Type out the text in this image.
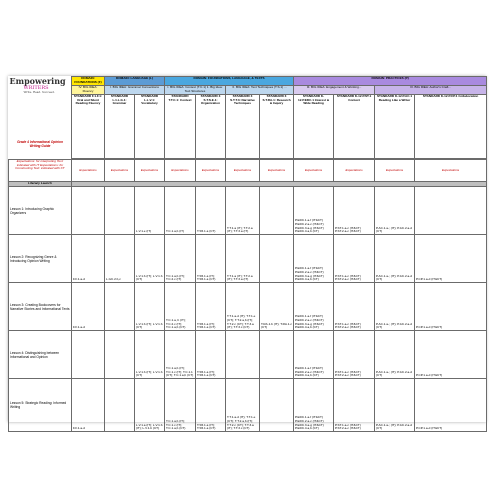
Empowering
WRITERS
Write. Read. Succeed.	DOMAIN: FOUNDATIONS (F)	DOMAIN: LANGUAGE (L)		DOMAIN: FOUNDATIONS, LANGUAGE, & TEXTS				DOMAIN: PRACTICES (P)			
	IV. BIG IDEA: Fluency	I. BIG IDEA: Grammar Conventions		I. BIG IDEA: Context (T.C.1) 1. Big Idea: Text Structures		II. BIG IDEA: Text Techniques (T.S.1) ...		III. BIG IDEA: Engagement & Working...		III. BIG IDEA: Author's Craft...	
	STANDARD F.1.F.1: Oral and Silent Reading Fluency	STANDARD L.1.L.G.1: Grammar	STANDARD L.L.V.1: Vocabulary	STANDARD T.T.C.1: Context	STANDARD 3 S.T.S.E.1: Organization	STANDARD 3 S.T.T.3: Narrative Techniques	STANDARD 3 S.T.RA.1: Research & Inquiry	STANDARD K-12.P.EDC.1 Interest & Wide Reading	STANDARD K-12.P.ST.1 Context	STANDARD K-12.P.AC.1 Reading Like a Writer	STANDARD K-12.P.CP.1 Collaboration

Expectations: for interpreting Text: indicated with IT Expectations: for Constructing Text: indicated with CT	Expectations	Expectations	Expectations	Expectations	Expectations	Expectations	Expectations	Expectations	Expectations	Expectations	Expectations
Literacy Launch											
Grade 4 Informational Opinion Writing Guide
Lesson 1: Introducing Graphic Organizers			L.V.1.e (IT)	T.C.1.a,b (IT)	T.S5.1.a (CT)	T.T.1.a (IT); T.T.2.a (IT); T.T.3.a (IT)		P.EDC.1.a-f (IT&CT) P.EDC.2.a-c (IT&CT) P.EDC.3.a-g (IT&CT) P.EDC.4.a,b (CT)	P.ST.1.a-c (IT&CT) P.ST.2.a-c (IT&CT)	P.AC.1.a-; (IT); P.AC.2.a-d (CT)	
Lesson 2: Recognizing Genre & Introducing Opinion Writing	F.F.1.a-d	L.GC.2.b,c	L.V.1.b (IT); L.V.1.b (CT)	T.C.1.a,b (IT); T.C.2.c (IT)	T.S5.1.a (IT); T.S5.1.a (CT)	T.T.1.a (IT); T.T.2.a (IT); T.T.3.a (IT)		P.EDC.1.a-f (IT&CT) P.EDC.2.a-c (IT&CT) P.EDC.3.a-g (IT&CT) P.EDC.4.a,b (CT)	P.ST.1.a-c (IT&CT) P.ST.2.a-c (IT&CT)	P.AC.1.a-; (IT); P.AC.2.a-d (CT)	P.CP.1.a-d (IT&CT)
Lesson 3: Creating Bookcovers for Narrative Stories and Informational Texts	F.F.1.a-d		L.V.1.b (IT); L.V.1.b (CT)	T.C.1.a, b (IT); T.C.2.c (IT); T.C.1.a,b (CT)	T.S5.1.a (IT); T.S5.1.a (CT)	T.T.1.a-d (IT); T.T.1.e (CT); T.T.2.a,b (IT); T.T.2.c (CT); T.T.3.a (IT); T.T.3.c (CT)	T.RA.1.b (IT); T.RA.1.c (CT)	P.EDC.1.a-f (IT&CT) P.EDC.2.a-c (IT&CT) P.EDC.3.a-g (IT&CT) P.EDC.4.a,b (CT)	P.ST.1.a-c (IT&CT) P.ST.2.a-c (IT&CT)	P.AC.1.a-; (IT); P.AC.2.a-d (CT)	P.CP.1.a-d (IT&CT)
Lesson 4: Distinguishing between Informational and Opinion			L.V.1.b (IT); L.V.1.b (CT)	T.C.1.a,b (IT); T.C.1.c (IT); T.C.1.1 (CT); T.C.1.a,b (CT)	T.S5.1.a (IT); T.S5.1.a (CT)			P.EDC.1.a-f (IT&CT) P.EDC.2.a-c (IT&CT) P.EDC.4.a,b (CT)	P.ST.1.a-c (IT&CT) P.ST.2.a-c (IT&CT)	P.AC.1.a-; (IT); P.AC.2.a-d (CT)	P.CP.1.a-d (IT&CT)
Lesson 5: Strategic Reading: Informed Writing	F.F.1.a-d		L.V.1.a (IT); L.V.1.b (IT); L.V.1.b (CT)	T.C.1.a,b (IT); T.C.1.c (IT); T.C.1.a,b (CT)	T.S5.1.a (IT); T.S5.1.a (CT)	T.T.1.a-d (IT); T.T.1.e (CT); T.T.2.a,b (IT); T.T.2.c (CT); T.T.3.a (IT); T.T.3.c (CT)		P.EDC.1.a-f (IT&CT) P.EDC.2.a-c (IT&CT) P.EDC.3.a-g (IT&CT) P.EDC.4.a,b (CT)	P.ST.1.a-c (IT&CT) P.ST.2.a-c (IT&CT)	P.AC.1.a-; (IT); P.AC.2.a-d (CT)	P.CP.1.a-d (IT&CT)
